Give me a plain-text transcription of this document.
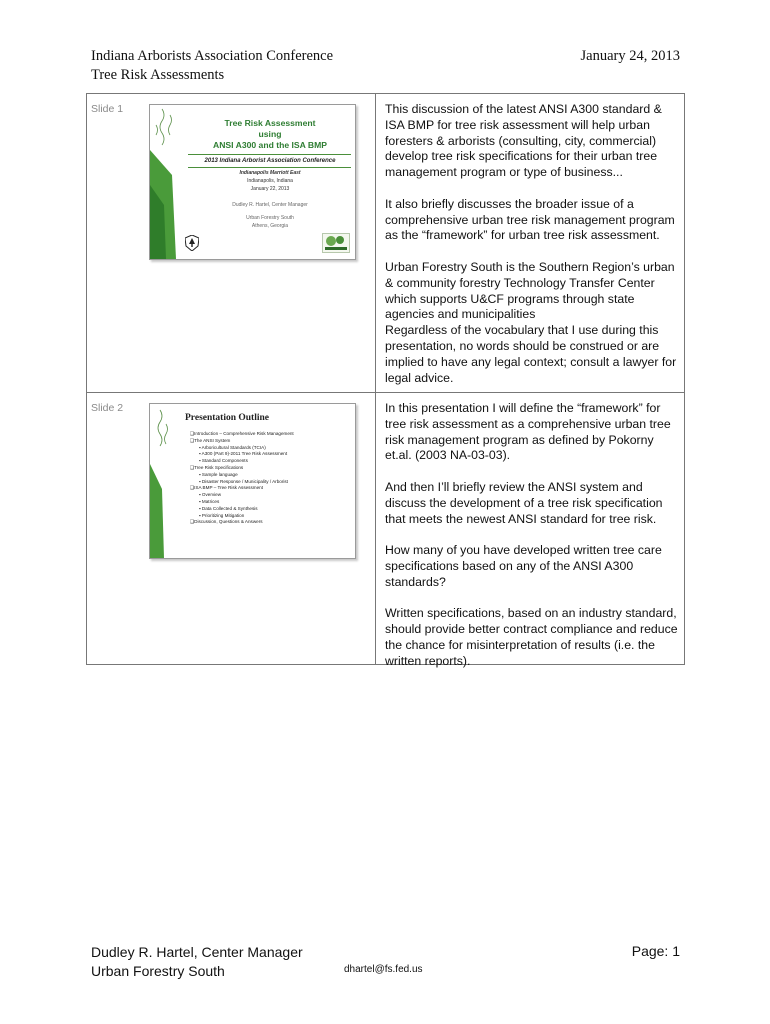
Indiana Arborists Association Conference
Tree Risk Assessments
January 24, 2013
Slide 1
Tree Risk Assessment
using
ANSI A300 and the ISA BMP
2013 Indiana Arborist Association Conference
Indianapolis Marriott East
Indianapolis, Indiana
January 22, 2013
Dudley R. Hartel, Center Manager
Urban Forestry South
Athens, Georgia

This discussion of the latest ANSI A300 standard & ISA BMP for tree risk assessment will help urban foresters & arborists (consulting, city, commercial) develop tree risk specifications for their urban tree management program or type of business...

It also briefly discusses the broader issue of a comprehensive urban tree risk management program as the “framework” for urban tree risk assessment.

Urban Forestry South is the Southern Region’s urban & community forestry Technology Transfer Center which supports U&CF programs through state agencies and municipalities

Regardless of the vocabulary that I use during this presentation, no words should be construed or are implied to have any legal context; consult a lawyer for legal advice.

Slide 2
Presentation Outline
❑ Introduction – Comprehensive Risk Management
❑ The ANSI System
▪ Arboricultural Standards (TCIA)
▪ A300 (Part 9)-2011 Tree Risk Assessment
▪ Standard Components
❑ Tree Risk Specifications
▪ Sample language
▪ Disaster Response / Municipality / Arborist
❑ ISA BMP – Tree Risk Assessment
▪ Overview
▪ Matrices
▪ Data Collected & Synthesis
▪ Prioritizing Mitigation
❑ Discussion, Questions & Answers

In this presentation I will define the “framework” for tree risk assessment as a comprehensive urban tree risk management program as defined by Pokorny et.al. (2003 NA-03-03).

And then I’ll briefly review the ANSI system and discuss the development of a tree risk specification that meets the newest ANSI standard for tree risk.

How many of you have developed written tree care specifications based on any of the ANSI A300 standards?

Written specifications, based on an industry standard, should provide better contract compliance and reduce the chance for misinterpretation of results (i.e. the written reports).

Dudley R. Hartel, Center Manager
Urban Forestry South	dhartel@fs.fed.us
Page: 1
